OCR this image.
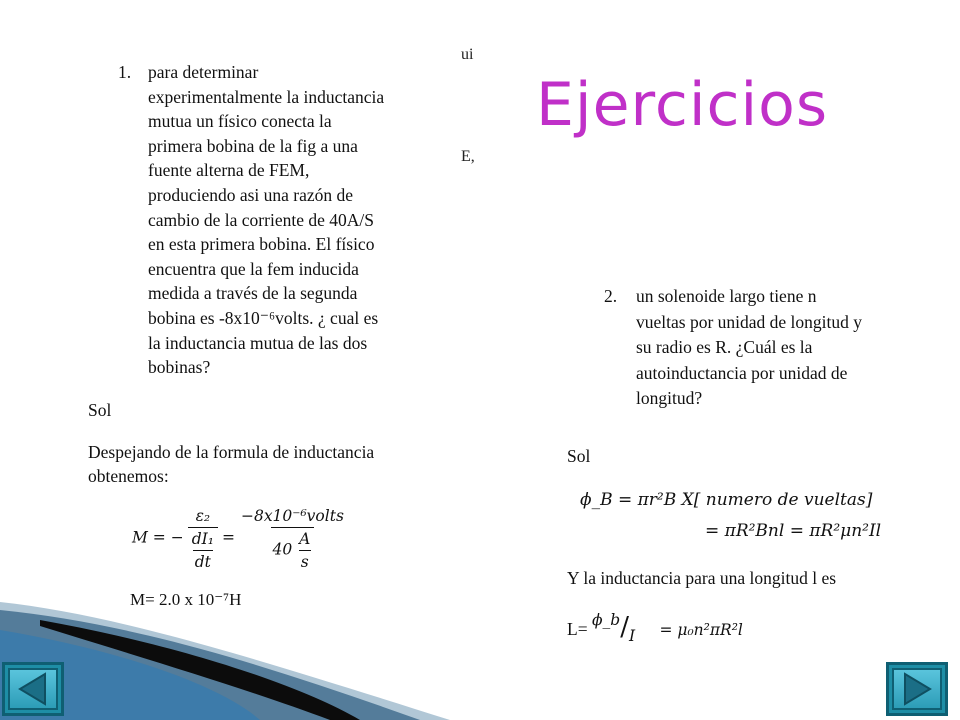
Ejercicios
1. para determinar
experimentalmente la inductancia
mutua un físico conecta la
primera bobina de la fig a una
fuente alterna de FEM,
produciendo asi una razón de
cambio de la corriente de 40A/S
en esta primera bobina. El físico
encuentra que la fem inducida
medida a través de la segunda
bobina es -8x10⁻⁶volts. ¿ cual es
la inductancia mutua de las dos
bobinas?
ui
E,
Sol
Despejando de la formula de inductancia
obtenemos:
M = − $\frac{\text{ε₂}}{\frac{\text{dI₁}}{dt}} = \frac{\text{−8x10⁻⁶volts}}{40 \frac{A}{s}}$
M= 2.0 x 10⁻⁷H
2. un solenoide largo tiene n
vueltas por unidad de longitud y
su radio es R. ¿Cuál es la
autoinductancia por unidad de
longitud?
Sol
ϕ_B = πr²B X[ numero de vueltas]
= πR²Bnl = πR²μn²Il
Y la inductancia para una longitud l es
L= ϕ_b/I = μ₀n²πR²l
